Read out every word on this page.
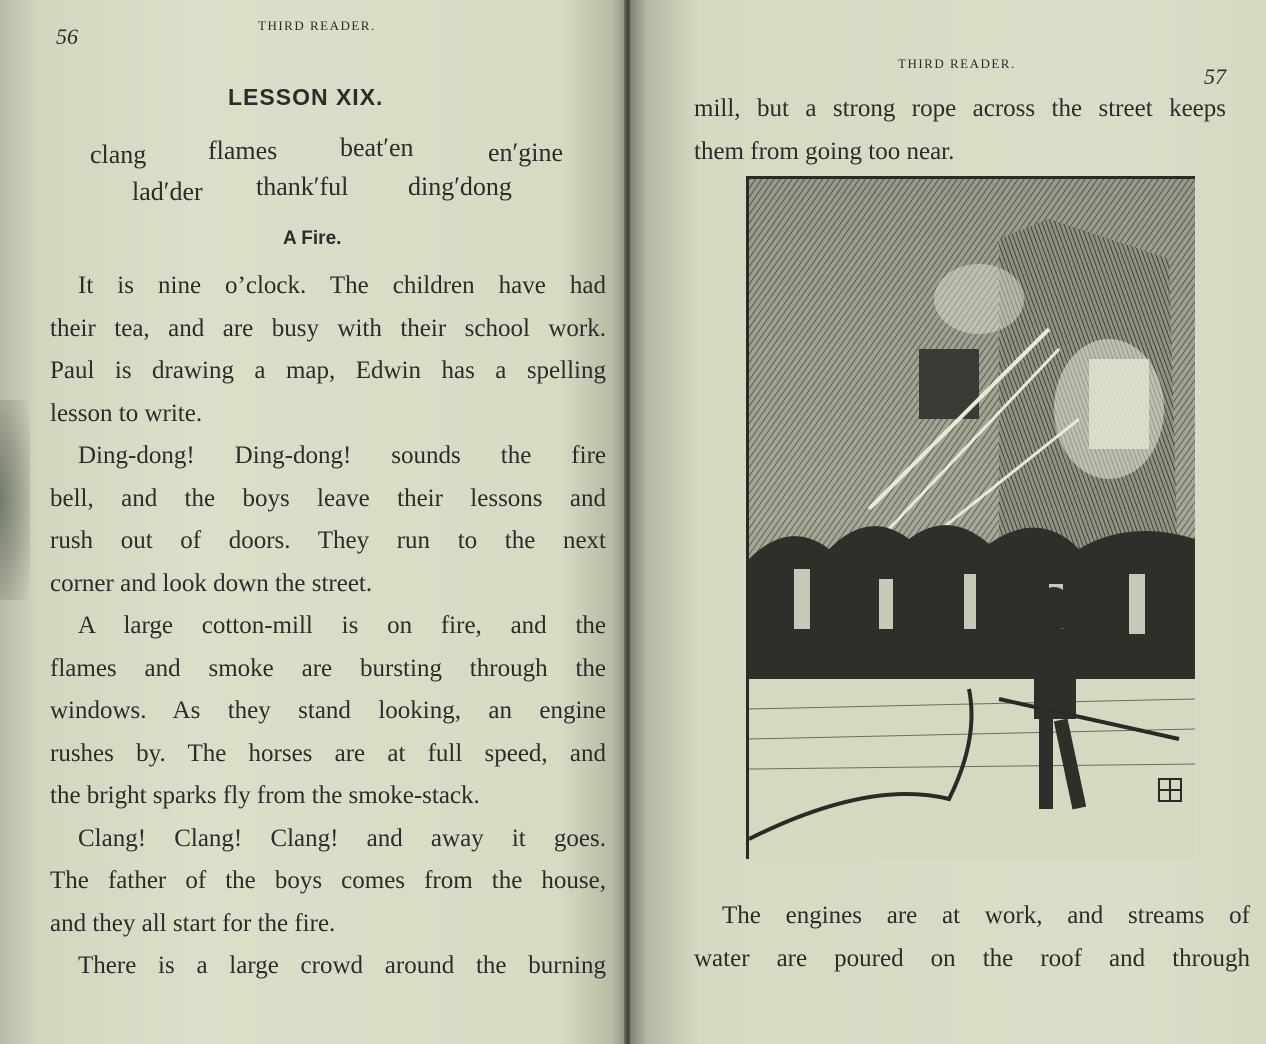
56	THIRD READER.
LESSON XIX.
clang flames beat′en	en′gine
lad′der thank′ful ding′dong
A Fire.
It is nine o’clock. The children have had
their tea, and are busy with their school work.
Paul is drawing a map, Edwin has a spelling
lesson to write.
Ding-dong! Ding-dong! sounds the fire
bell, and the boys leave their lessons and
rush out of doors. They run to the next
corner and look down the street.
A large cotton-mill is on fire, and the
flames and smoke are bursting through the
windows. As they stand looking, an engine
rushes by. The horses are at full speed, and
the bright sparks fly from the smoke-stack.
Clang! Clang! Clang! and away it goes.
The father of the boys comes from the house,
and they all start for the fire.
There is a large crowd around the burning
THIRD READER.
57
mill, but a strong rope across the street keeps
them from going too near.
The engines are at work, and streams of
water are poured on the roof and through
